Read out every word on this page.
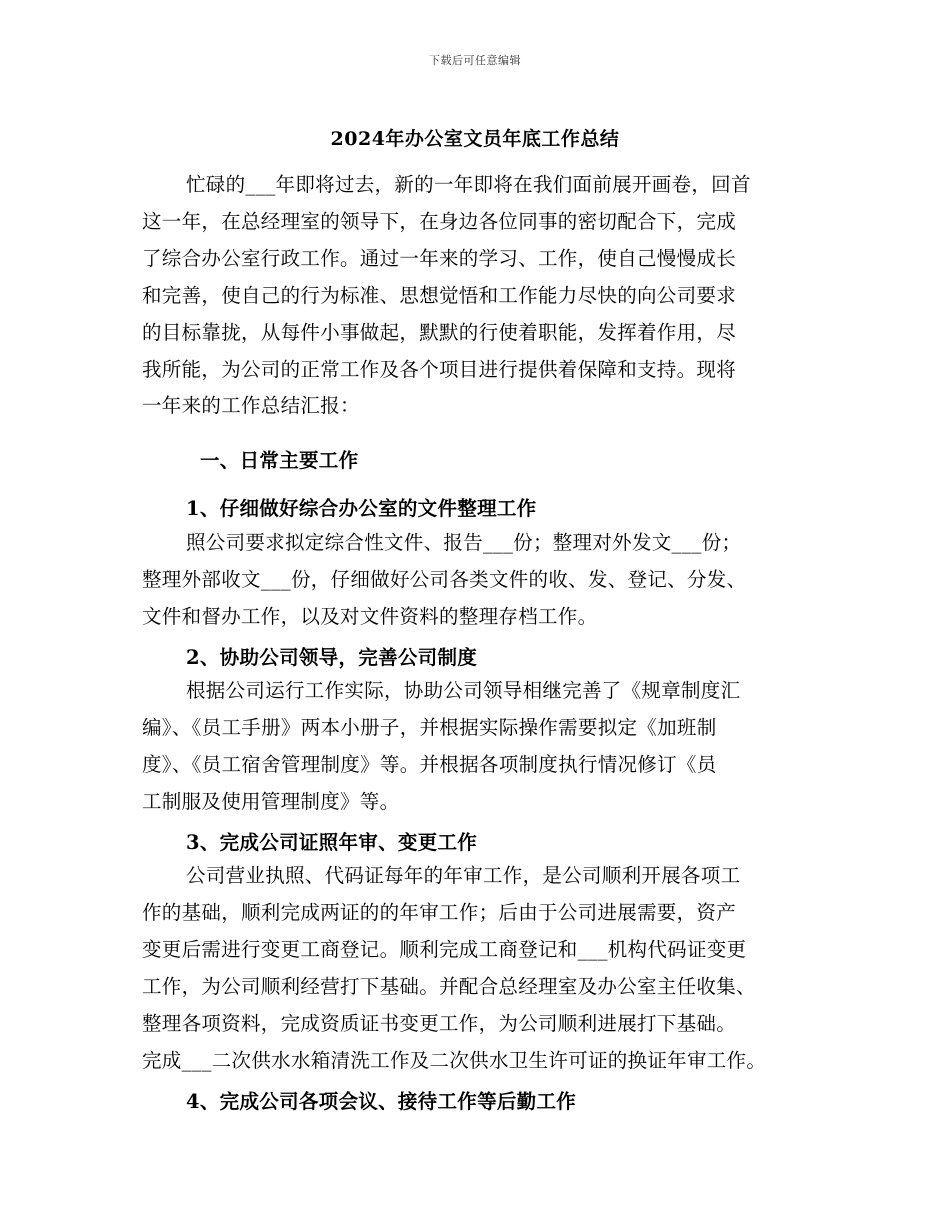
下载后可任意编辑
2024年办公室文员年底工作总结
忙碌的___年即将过去，新的一年即将在我们面前展开画卷，回首
这一年，在总经理室的领导下，在身边各位同事的密切配合下，完成
了综合办公室行政工作。通过一年来的学习、工作，使自己慢慢成长
和完善，使自己的行为标准、思想觉悟和工作能力尽快的向公司要求
的目标靠拢，从每件小事做起，默默的行使着职能，发挥着作用，尽
我所能，为公司的正常工作及各个项目进行提供着保障和支持。现将
一年来的工作总结汇报：
一、日常主要工作
1、仔细做好综合办公室的文件整理工作
照公司要求拟定综合性文件、报告___份；整理对外发文___份；
整理外部收文___份，仔细做好公司各类文件的收、发、登记、分发、
文件和督办工作，以及对文件资料的整理存档工作。
2、协助公司领导，完善公司制度
根据公司运行工作实际，协助公司领导相继完善了《规章制度汇
编》、《员工手册》两本小册子，并根据实际操作需要拟定《加班制
度》、《员工宿舍管理制度》等。并根据各项制度执行情况修订《员
工制服及使用管理制度》等。
3、完成公司证照年审、变更工作
公司营业执照、代码证每年的年审工作，是公司顺利开展各项工
作的基础，顺利完成两证的的年审工作；后由于公司进展需要，资产
变更后需进行变更工商登记。顺利完成工商登记和___机构代码证变更
工作，为公司顺利经营打下基础。并配合总经理室及办公室主任收集、
整理各项资料，完成资质证书变更工作，为公司顺利进展打下基础。
完成___二次供水水箱清洗工作及二次供水卫生许可证的换证年审工作。
4、完成公司各项会议、接待工作等后勤工作
